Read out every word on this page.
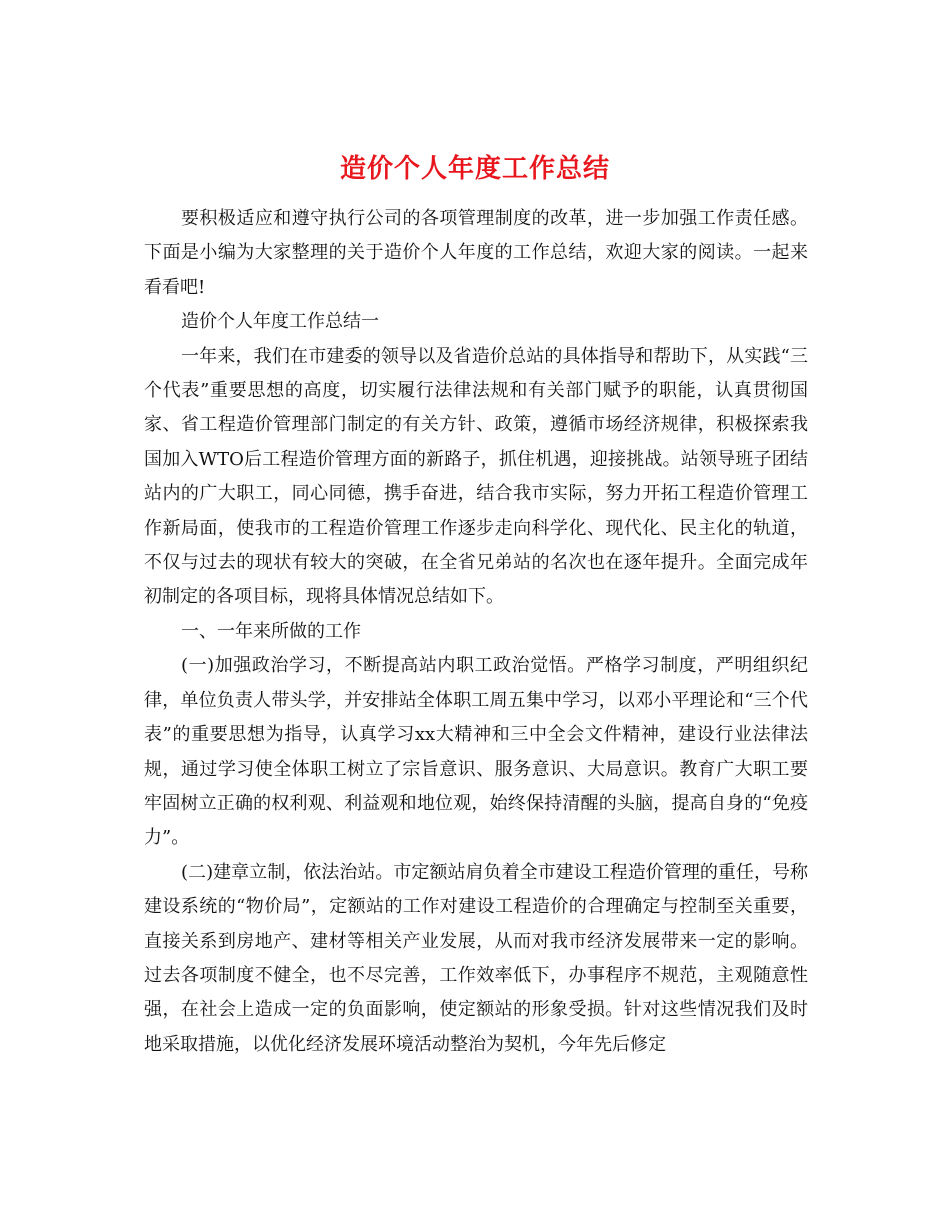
造价个人年度工作总结

要积极适应和遵守执行公司的各项管理制度的改革，进一步加强工作责任感。下面是小编为大家整理的关于造价个人年度的工作总结，欢迎大家的阅读。一起来看看吧!

造价个人年度工作总结一

一年来，我们在市建委的领导以及省造价总站的具体指导和帮助下，从实践“三个代表”重要思想的高度，切实履行法律法规和有关部门赋予的职能，认真贯彻国家、省工程造价管理部门制定的有关方针、政策，遵循市场经济规律，积极探索我国加入WTO后工程造价管理方面的新路子，抓住机遇，迎接挑战。站领导班子团结站内的广大职工，同心同德，携手奋进，结合我市实际，努力开拓工程造价管理工作新局面，使我市的工程造价管理工作逐步走向科学化、现代化、民主化的轨道，不仅与过去的现状有较大的突破，在全省兄弟站的名次也在逐年提升。全面完成年初制定的各项目标，现将具体情况总结如下。

一、一年来所做的工作

(一)加强政治学习，不断提高站内职工政治觉悟。严格学习制度，严明组织纪律，单位负责人带头学，并安排站全体职工周五集中学习，以邓小平理论和“三个代表”的重要思想为指导，认真学习xx大精神和三中全会文件精神，建设行业法律法规，通过学习使全体职工树立了宗旨意识、服务意识、大局意识。教育广大职工要牢固树立正确的权利观、利益观和地位观，始终保持清醒的头脑，提高自身的“免疫力”。

(二)建章立制，依法治站。市定额站肩负着全市建设工程造价管理的重任，号称建设系统的“物价局”，定额站的工作对建设工程造价的合理确定与控制至关重要，直接关系到房地产、建材等相关产业发展，从而对我市经济发展带来一定的影响。过去各项制度不健全，也不尽完善，工作效率低下，办事程序不规范，主观随意性强，在社会上造成一定的负面影响，使定额站的形象受损。针对这些情况我们及时地采取措施，以优化经济发展环境活动整治为契机，今年先后修定
